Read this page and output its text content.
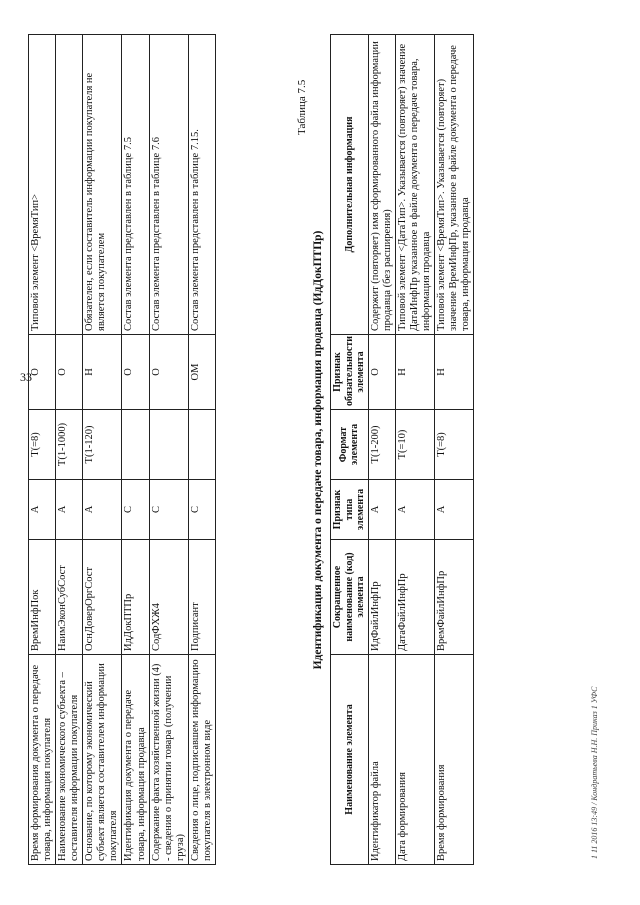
33
Время формирования документа о передаче товара, информация покупателя	ВремИнфПок	А	T(=8)	О	Типовой элемент <ВремяТип>
Наименование экономического субъекта – составителя информации покупателя	НаимЭконСубСост	А	T(1-1000)	О	
Основание, по которому экономический субъект является составителем информации покупателя	ОснДоверОргСост	А	T(1-120)	Н	Обязателен, если составитель информации покупателя не является покупателем
Идентификация документа о передаче товара, информация продавца	ИдДокПТПр	С		О	Состав элемента представлен в таблице 7.5
Содержание факта хозяйственной жизни (4) - сведения о принятии товара (получении груза)	СодФХЖ4	С		О	Состав элемента представлен в таблице 7.6
Сведения о лице, подписавшем информацию покупателя в электронном виде	Подписант	С		ОМ	Состав элемента представлен в таблице 7.15.
Таблица 7.5
Идентификация документа о передаче товара, информация продавца (ИдДокПТПр)
Наименование элемента	Сокращенное наименование (код) элемента	Признак типа элемента	Формат элемента	Признак обязательности элемента	Дополнительная информация
Идентификатор файла	ИдФайлИнфПр	А	T(1-200)	О	Содержит (повторяет) имя сформированного файла информации продавца (без расширения)
Дата формирования	ДатаФайлИнфПр	А	T(=10)	Н	Типовой элемент <ДатаТип>. Указывается (повторяет) значение ДатаИнфПр указанное в файле документа о передаче товара, информация продавца
Время формирования	ВремФайлИнфПр	А	T(=8)	Н	Типовой элемент <ВремяТип>. Указывается (повторяет) значение ВремИнфПр, указанное в файле документа о передаче товара, информация продавца
1 11 2016 13:49 / Кондратьева Н.Н. Приказ 1 УФС
